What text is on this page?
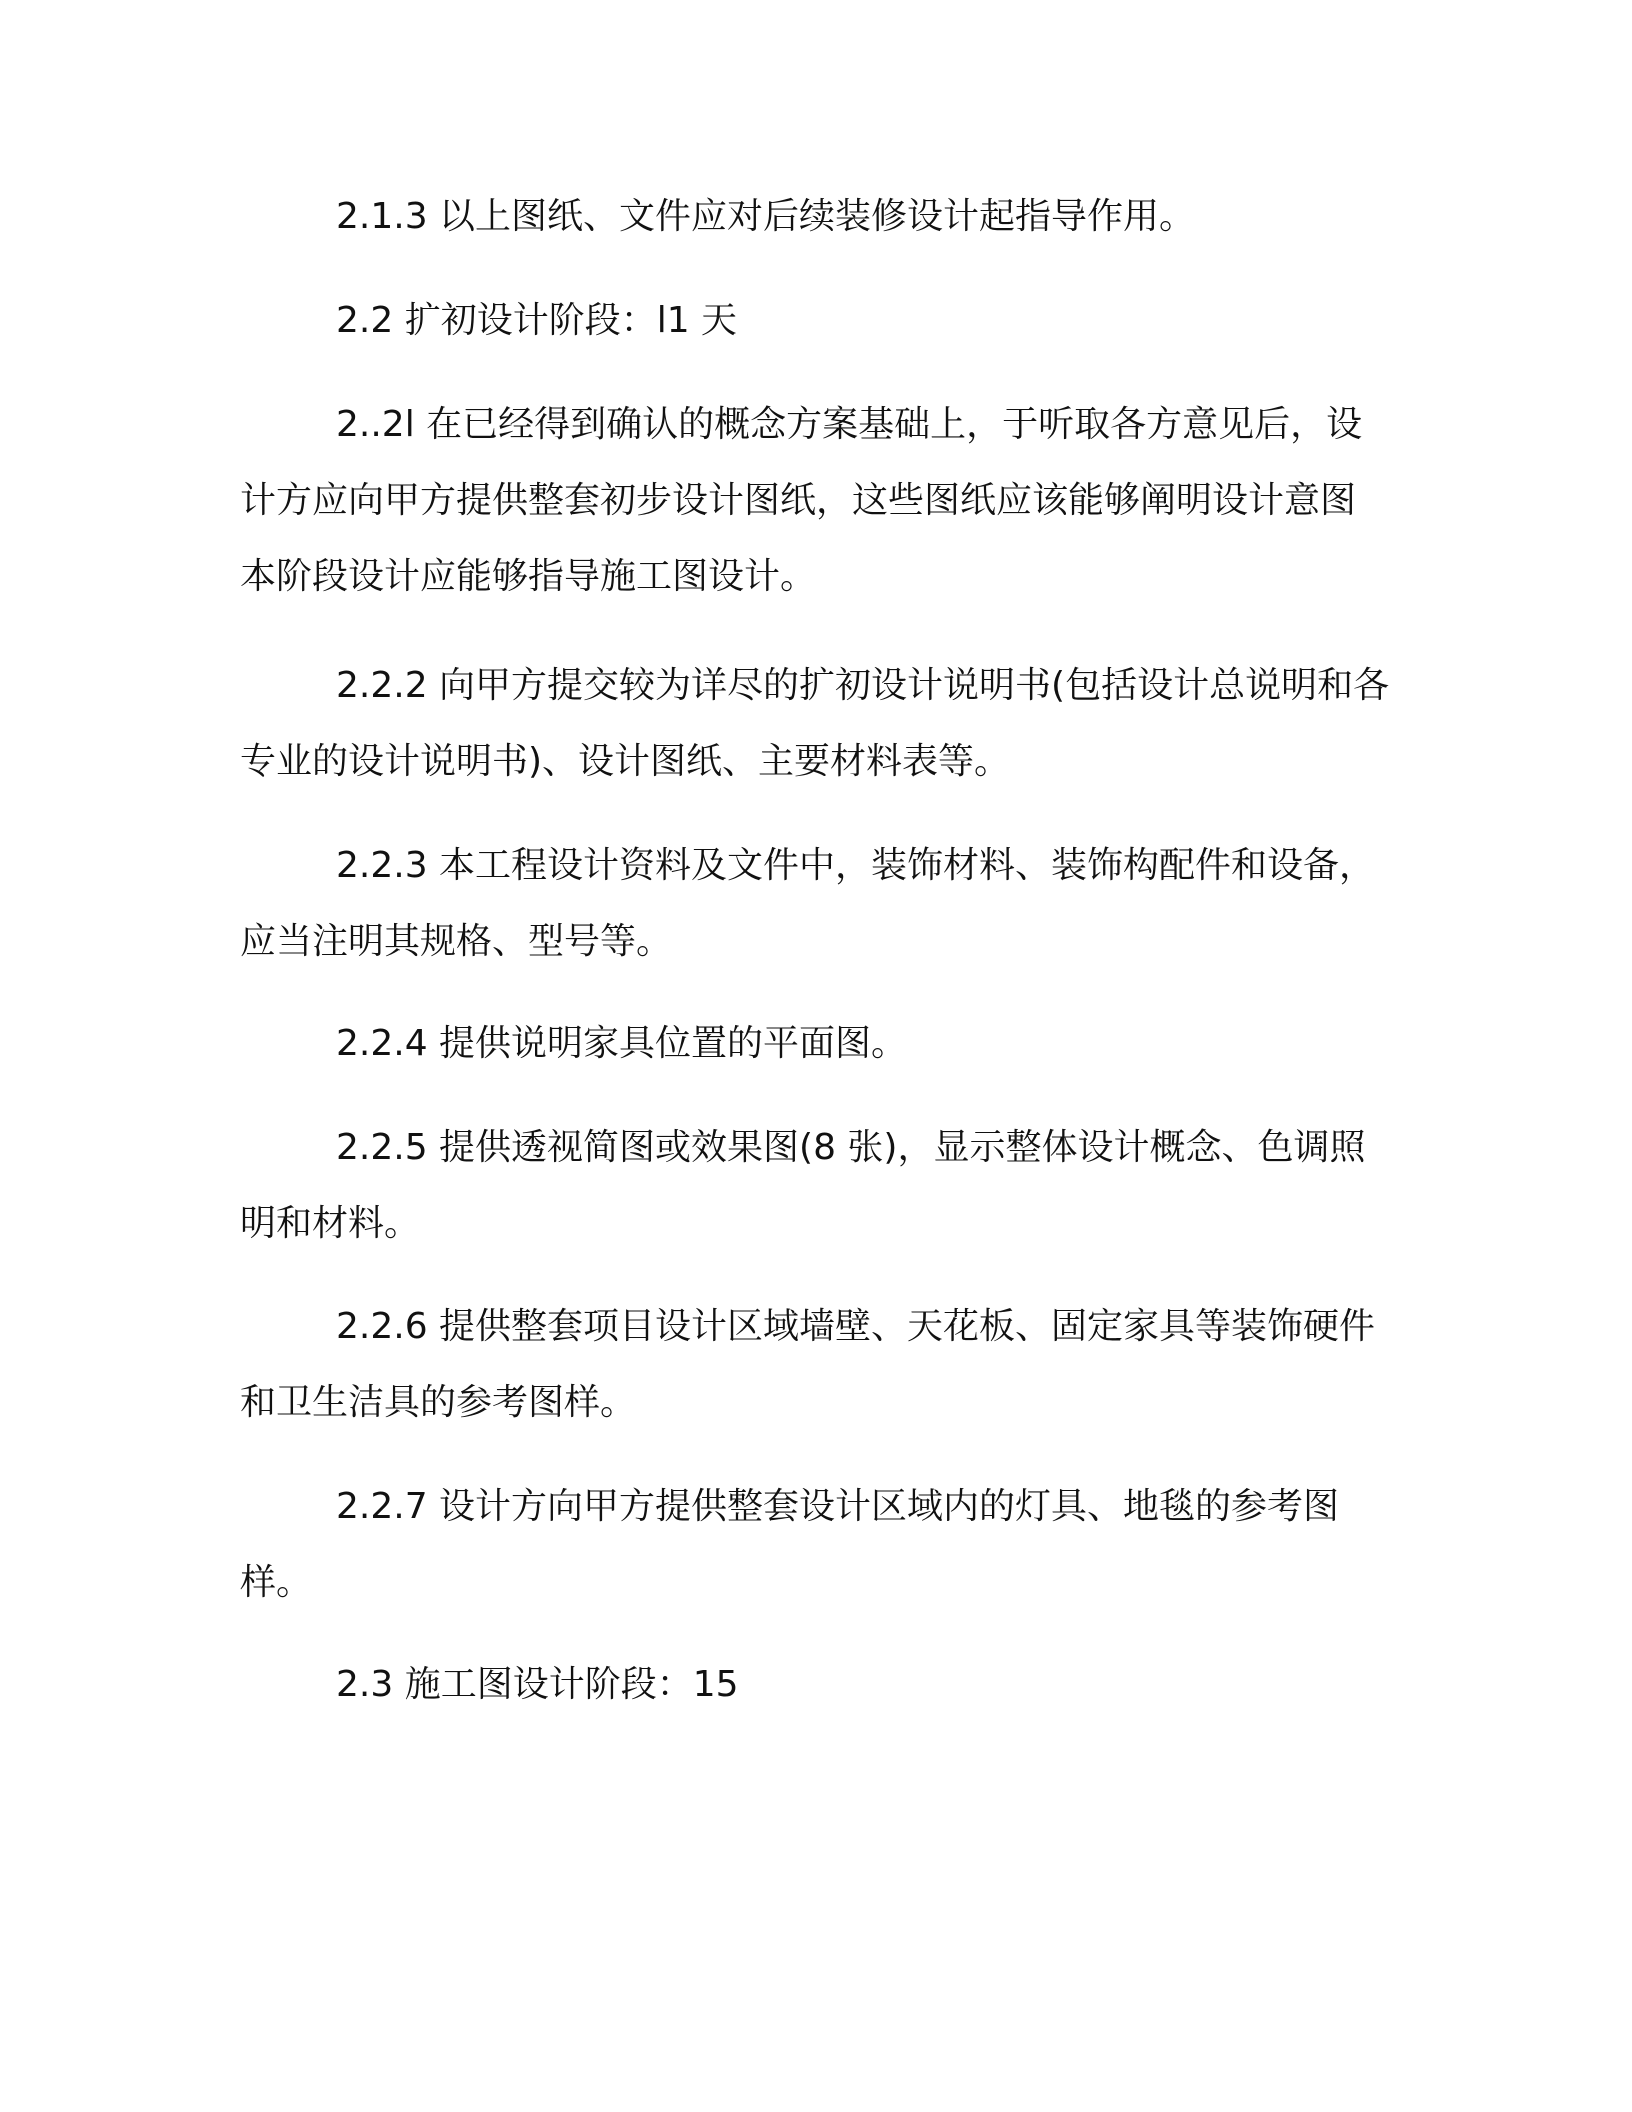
2.1.3 以上图纸、文件应对后续装修设计起指导作用。

2.2 扩初设计阶段：l1 天

2..2l 在已经得到确认的概念方案基础上，于听取各方意见后，设计方应向甲方提供整套初步设计图纸，这些图纸应该能够阐明设计意图本阶段设计应能够指导施工图设计。

2.2.2 向甲方提交较为详尽的扩初设计说明书(包括设计总说明和各专业的设计说明书)、设计图纸、主要材料表等。

2.2.3 本工程设计资料及文件中，装饰材料、装饰构配件和设备，应当注明其规格、型号等。

2.2.4 提供说明家具位置的平面图。

2.2.5 提供透视简图或效果图(8 张)，显示整体设计概念、色调照明和材料。

2.2.6 提供整套项目设计区域墙壁、天花板、固定家具等装饰硬件和卫生洁具的参考图样。

2.2.7 设计方向甲方提供整套设计区域内的灯具、地毯的参考图样。

2.3 施工图设计阶段：15
